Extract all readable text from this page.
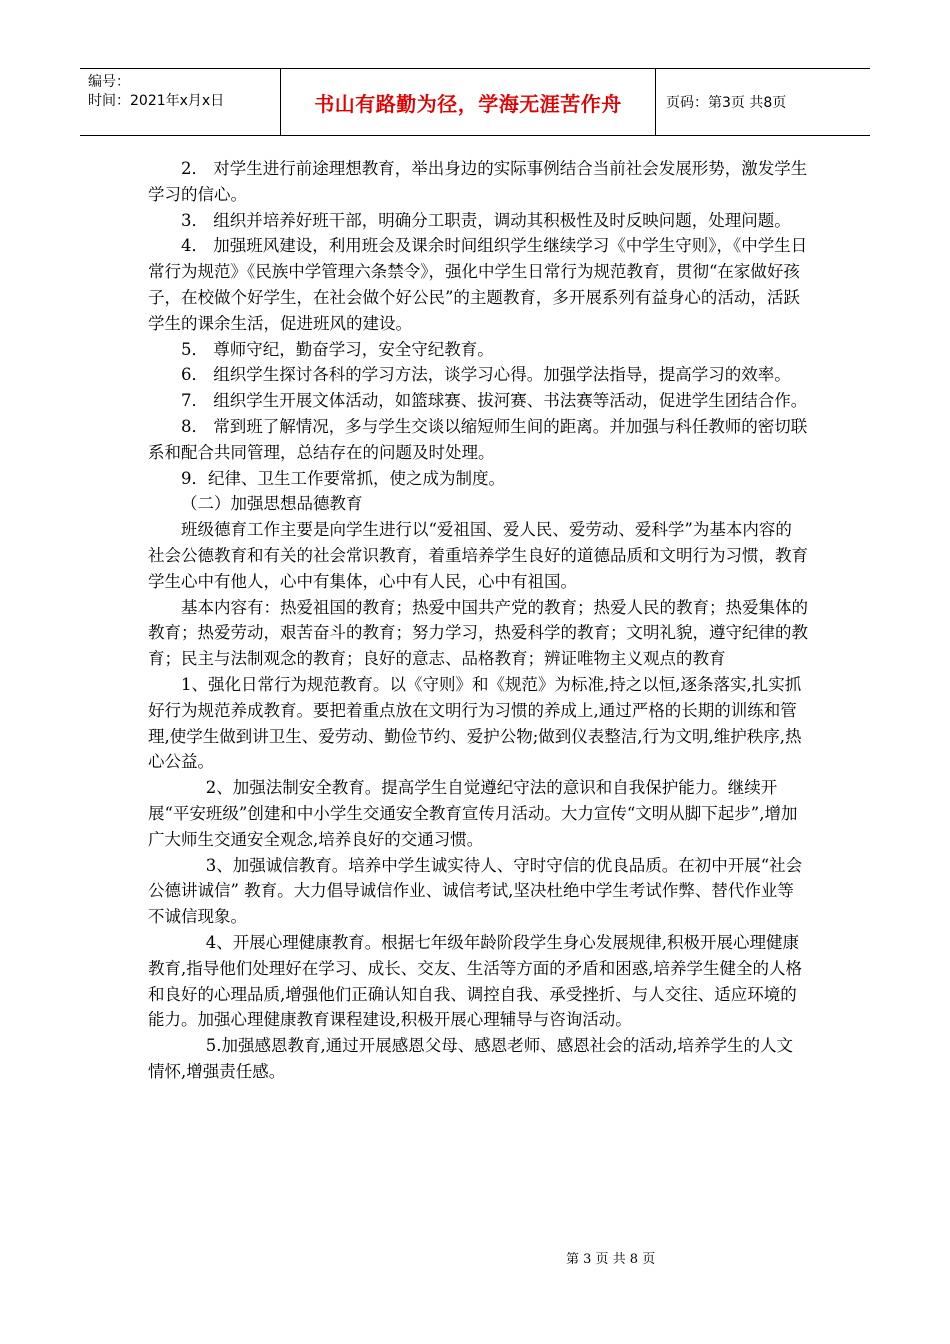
编号：
时间：2021年x月x日	书山有路勤为径，学海无涯苦作舟	页码：第3页 共8页

2． 对学生进行前途理想教育，举出身边的实际事例结合当前社会发展形势，激发学生学习的信心。

3． 组织并培养好班干部，明确分工职责，调动其积极性及时反映问题，处理问题。

4． 加强班风建设，利用班会及课余时间组织学生继续学习《中学生守则》，《中学生日常行为规范》《民族中学管理六条禁令》，强化中学生日常行为规范教育，贯彻“在家做好孩子，在校做个好学生，在社会做个好公民”的主题教育，多开展系列有益身心的活动，活跃学生的课余生活，促进班风的建设。

5． 尊师守纪，勤奋学习，安全守纪教育。

6． 组织学生探讨各科的学习方法，谈学习心得。加强学法指导，提高学习的效率。

7． 组织学生开展文体活动，如篮球赛、拔河赛、书法赛等活动，促进学生团结合作。

8． 常到班了解情况，多与学生交谈以缩短师生间的距离。并加强与科任教师的密切联系和配合共同管理，总结存在的问题及时处理。

9．纪律、卫生工作要常抓，使之成为制度。

（二）加强思想品德教育

班级德育工作主要是向学生进行以“爱祖国、爱人民、爱劳动、爱科学”为基本内容的社会公德教育和有关的社会常识教育，着重培养学生良好的道德品质和文明行为习惯，教育学生心中有他人，心中有集体，心中有人民，心中有祖国。

基本内容有：热爱祖国的教育；热爱中国共产党的教育；热爱人民的教育；热爱集体的教育；热爱劳动，艰苦奋斗的教育；努力学习，热爱科学的教育；文明礼貌，遵守纪律的教育；民主与法制观念的教育；良好的意志、品格教育；辨证唯物主义观点的教育

1、强化日常行为规范教育。以《守则》和《规范》为标准,持之以恒,逐条落实,扎实抓好行为规范养成教育。要把着重点放在文明行为习惯的养成上,通过严格的长期的训练和管理,使学生做到讲卫生、爱劳动、勤俭节约、爱护公物;做到仪表整洁,行为文明,维护秩序,热心公益。

2、加强法制安全教育。提高学生自觉遵纪守法的意识和自我保护能力。继续开展“平安班级”创建和中小学生交通安全教育宣传月活动。大力宣传“文明从脚下起步”,增加广大师生交通安全观念,培养良好的交通习惯。

3、加强诚信教育。培养中学生诚实待人、守时守信的优良品质。在初中开展“社会公德讲诚信” 教育。大力倡导诚信作业、诚信考试,坚决杜绝中学生考试作弊、替代作业等不诚信现象。

4、开展心理健康教育。根据七年级年龄阶段学生身心发展规律,积极开展心理健康教育,指导他们处理好在学习、成长、交友、生活等方面的矛盾和困惑,培养学生健全的人格和良好的心理品质,增强他们正确认知自我、调控自我、承受挫折、与人交往、适应环境的能力。加强心理健康教育课程建设,积极开展心理辅导与咨询活动。

5.加强感恩教育,通过开展感恩父母、感恩老师、感恩社会的活动,培养学生的人文情怀,增强责任感。

第 3 页 共 8 页
